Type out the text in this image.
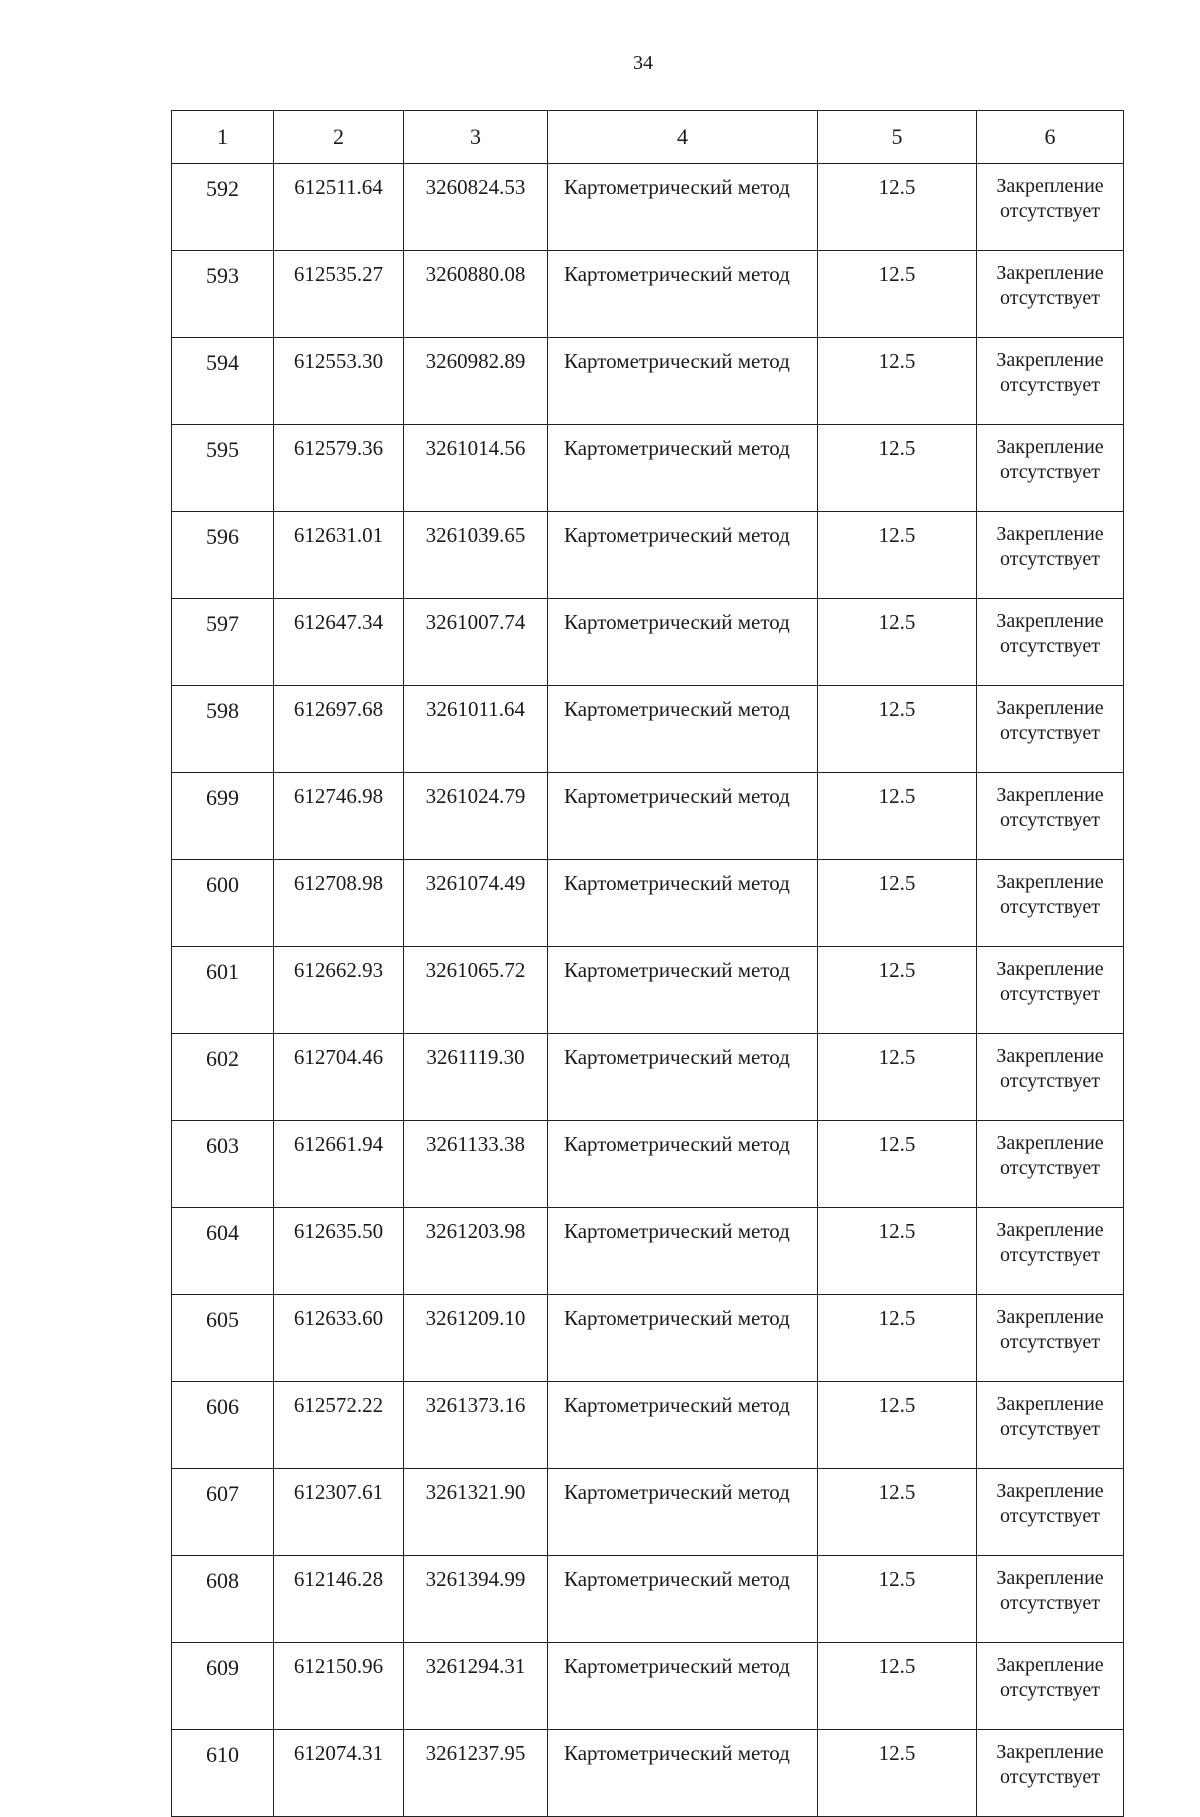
34
1	2	3	4	5	6
592	612511.64	3260824.53	Картометрический метод	12.5	Закрепление
отсутствует

593	612535.27	3260880.08	Картометрический метод	12.5	Закрепление
отсутствует

594	612553.30	3260982.89	Картометрический метод	12.5	Закрепление
отсутствует

595	612579.36	3261014.56	Картометрический метод	12.5	Закрепление
отсутствует

596	612631.01	3261039.65	Картометрический метод	12.5	Закрепление
отсутствует

597	612647.34	3261007.74	Картометрический метод	12.5	Закрепление
отсутствует

598	612697.68	3261011.64	Картометрический метод	12.5	Закрепление
отсутствует

699	612746.98	3261024.79	Картометрический метод	12.5	Закрепление
отсутствует

600	612708.98	3261074.49	Картометрический метод	12.5	Закрепление
отсутствует

601	612662.93	3261065.72	Картометрический метод	12.5	Закрепление
отсутствует

602	612704.46	3261119.30	Картометрический метод	12.5	Закрепление
отсутствует

603	612661.94	3261133.38	Картометрический метод	12.5	Закрепление
отсутствует

604	612635.50	3261203.98	Картометрический метод	12.5	Закрепление
отсутствует

605	612633.60	3261209.10	Картометрический метод	12.5	Закрепление
отсутствует

606	612572.22	3261373.16	Картометрический метод	12.5	Закрепление
отсутствует

607	612307.61	3261321.90	Картометрический метод	12.5	Закрепление
отсутствует

608	612146.28	3261394.99	Картометрический метод	12.5	Закрепление
отсутствует

609	612150.96	3261294.31	Картометрический метод	12.5	Закрепление
отсутствует

610	612074.31	3261237.95	Картометрический метод	12.5	Закрепление
отсутствует
